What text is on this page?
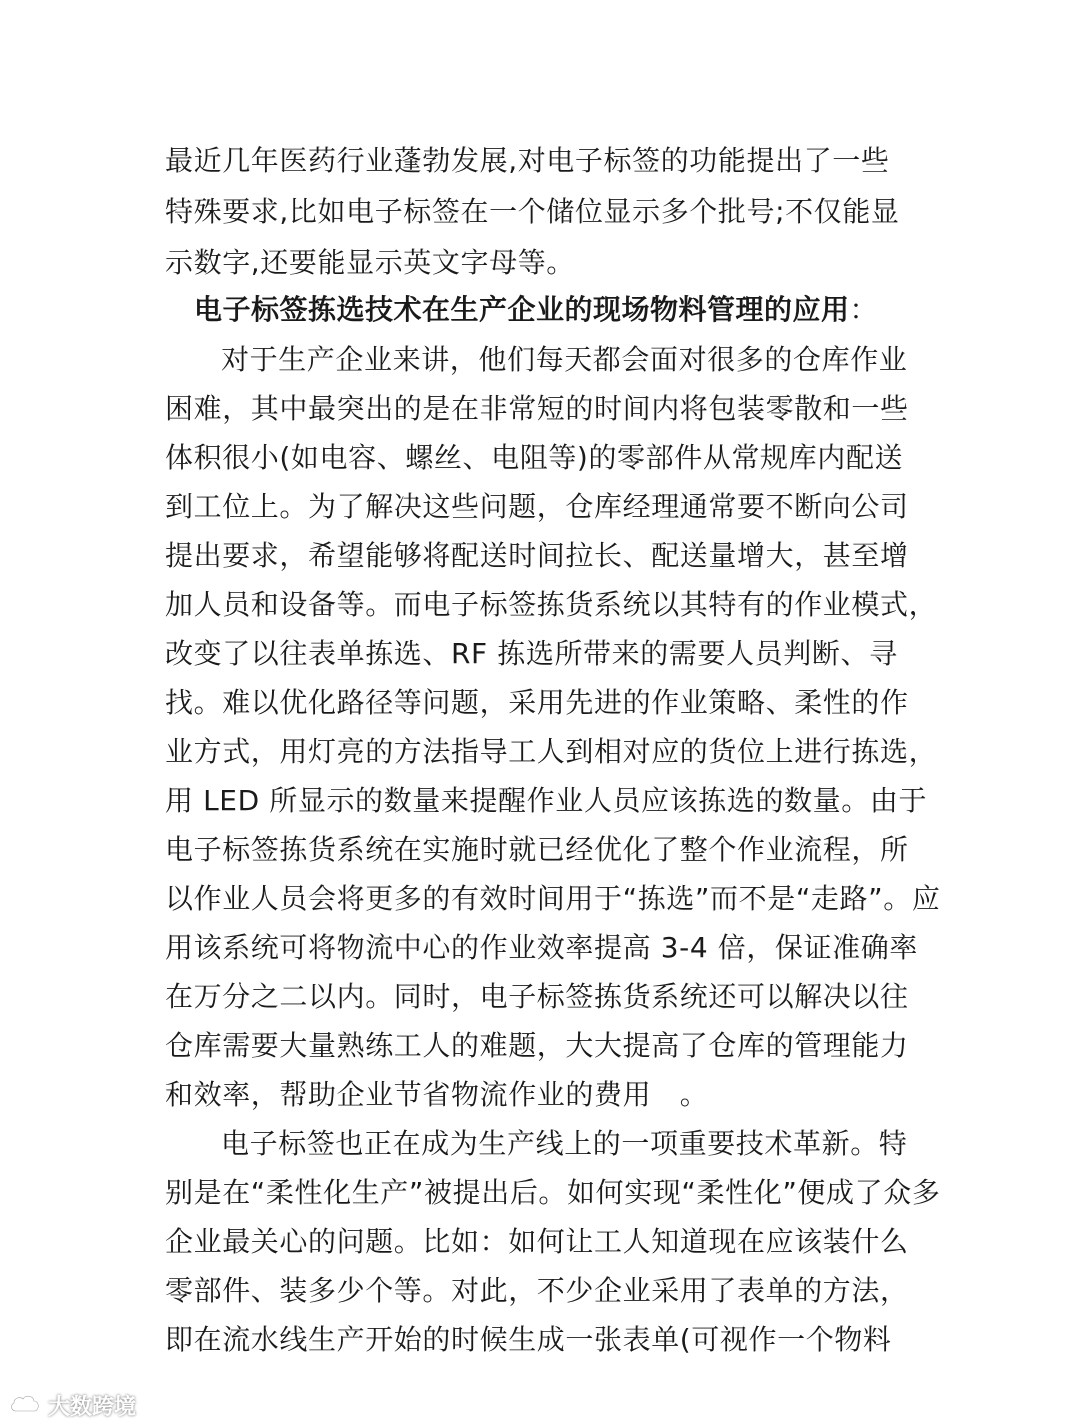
最近几年医药行业蓬勃发展,对电子标签的功能提出了一些
特殊要求,比如电子标签在一个储位显示多个批号;不仅能显
示数字,还要能显示英文字母等。
电子标签拣选技术在生产企业的现场物料管理的应用：
对于生产企业来讲，他们每天都会面对很多的仓库作业
困难，其中最突出的是在非常短的时间内将包装零散和一些
体积很小(如电容、螺丝、电阻等)的零部件从常规库内配送
到工位上。为了解决这些问题，仓库经理通常要不断向公司
提出要求，希望能够将配送时间拉长、配送量增大，甚至增
加人员和设备等。而电子标签拣货系统以其特有的作业模式，
改变了以往表单拣选、RF 拣选所带来的需要人员判断、寻
找。难以优化路径等问题，采用先进的作业策略、柔性的作
业方式，用灯亮的方法指导工人到相对应的货位上进行拣选，
用 LED 所显示的数量来提醒作业人员应该拣选的数量。由于
电子标签拣货系统在实施时就已经优化了整个作业流程，所
以作业人员会将更多的有效时间用于“拣选”而不是“走路”。应
用该系统可将物流中心的作业效率提高 3-4 倍，保证准确率
在万分之二以内。同时，电子标签拣货系统还可以解决以往
仓库需要大量熟练工人的难题，大大提高了仓库的管理能力
和效率，帮助企业节省物流作业的费用　。
电子标签也正在成为生产线上的一项重要技术革新。特
别是在“柔性化生产”被提出后。如何实现“柔性化”便成了众多
企业最关心的问题。比如：如何让工人知道现在应该装什么
零部件、装多少个等。对此，不少企业采用了表单的方法，
即在流水线生产开始的时候生成一张表单(可视作一个物料
大数跨境
